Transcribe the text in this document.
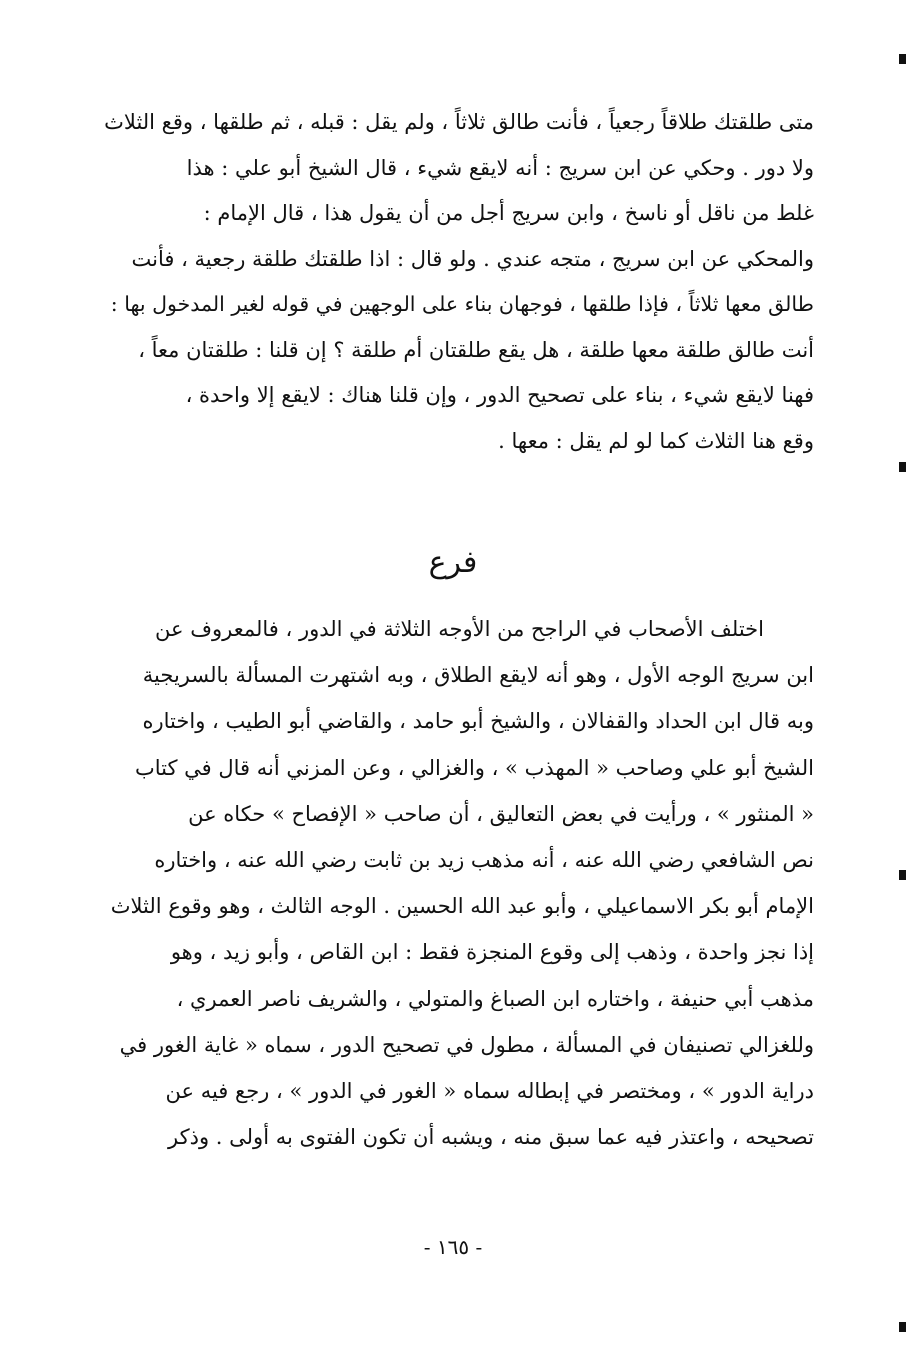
متى طلقتك طلاقاً رجعياً ، فأنت طالق ثلاثاً ، ولم يقل : قبله ، ثم طلقها ، وقع الثلاث
ولا دور . وحكي عن ابن سريج : أنه لايقع شيء ، قال الشيخ أبو علي : هذا
غلط من ناقل أو ناسخ ، وابن سريج أجل من أن يقول هذا ، قال الإمام :
والمحكي عن ابن سريج ، متجه عندي . ولو قال : اذا طلقتك طلقة رجعية ، فأنت
طالق معها ثلاثاً ، فإذا طلقها ، فوجهان بناء على الوجهين في قوله لغير المدخول بها :
أنت طالق طلقة معها طلقة ، هل يقع طلقتان أم طلقة ؟ إن قلنا : طلقتان معاً ،
فهنا لايقع شيء ، بناء على تصحيح الدور ، وإن قلنا هناك : لايقع إلا واحدة ،
وقع هنا الثلاث كما لو لم يقل : معها .
فرع
اختلف الأصحاب في الراجح من الأوجه الثلاثة في الدور ، فالمعروف عن
ابن سريج الوجه الأول ، وهو أنه لايقع الطلاق ، وبه اشتهرت المسألة بالسريجية
وبه قال ابن الحداد والقفالان ، والشيخ أبو حامد ، والقاضي أبو الطيب ، واختاره
الشيخ أبو علي وصاحب « المهذب » ، والغزالي ، وعن المزني أنه قال في كتاب
« المنثور » ، ورأيت في بعض التعاليق ، أن صاحب « الإفصاح » حكاه عن
نص الشافعي رضي الله عنه ، أنه مذهب زيد بن ثابت رضي الله عنه ، واختاره
الإمام أبو بكر الاسماعيلي ، وأبو عبد الله الحسين . الوجه الثالث ، وهو وقوع الثلاث
إذا نجز واحدة ، وذهب إلى وقوع المنجزة فقط : ابن القاص ، وأبو زيد ، وهو
مذهب أبي حنيفة ، واختاره ابن الصباغ والمتولي ، والشريف ناصر العمري ،
وللغزالي تصنيفان في المسألة ، مطول في تصحيح الدور ، سماه « غاية الغور في
دراية الدور » ، ومختصر في إبطاله سماه « الغور في الدور » ، رجع فيه عن
تصحيحه ، واعتذر فيه عما سبق منه ، ويشبه أن تكون الفتوى به أولى . وذكر
- ١٦٥ -
